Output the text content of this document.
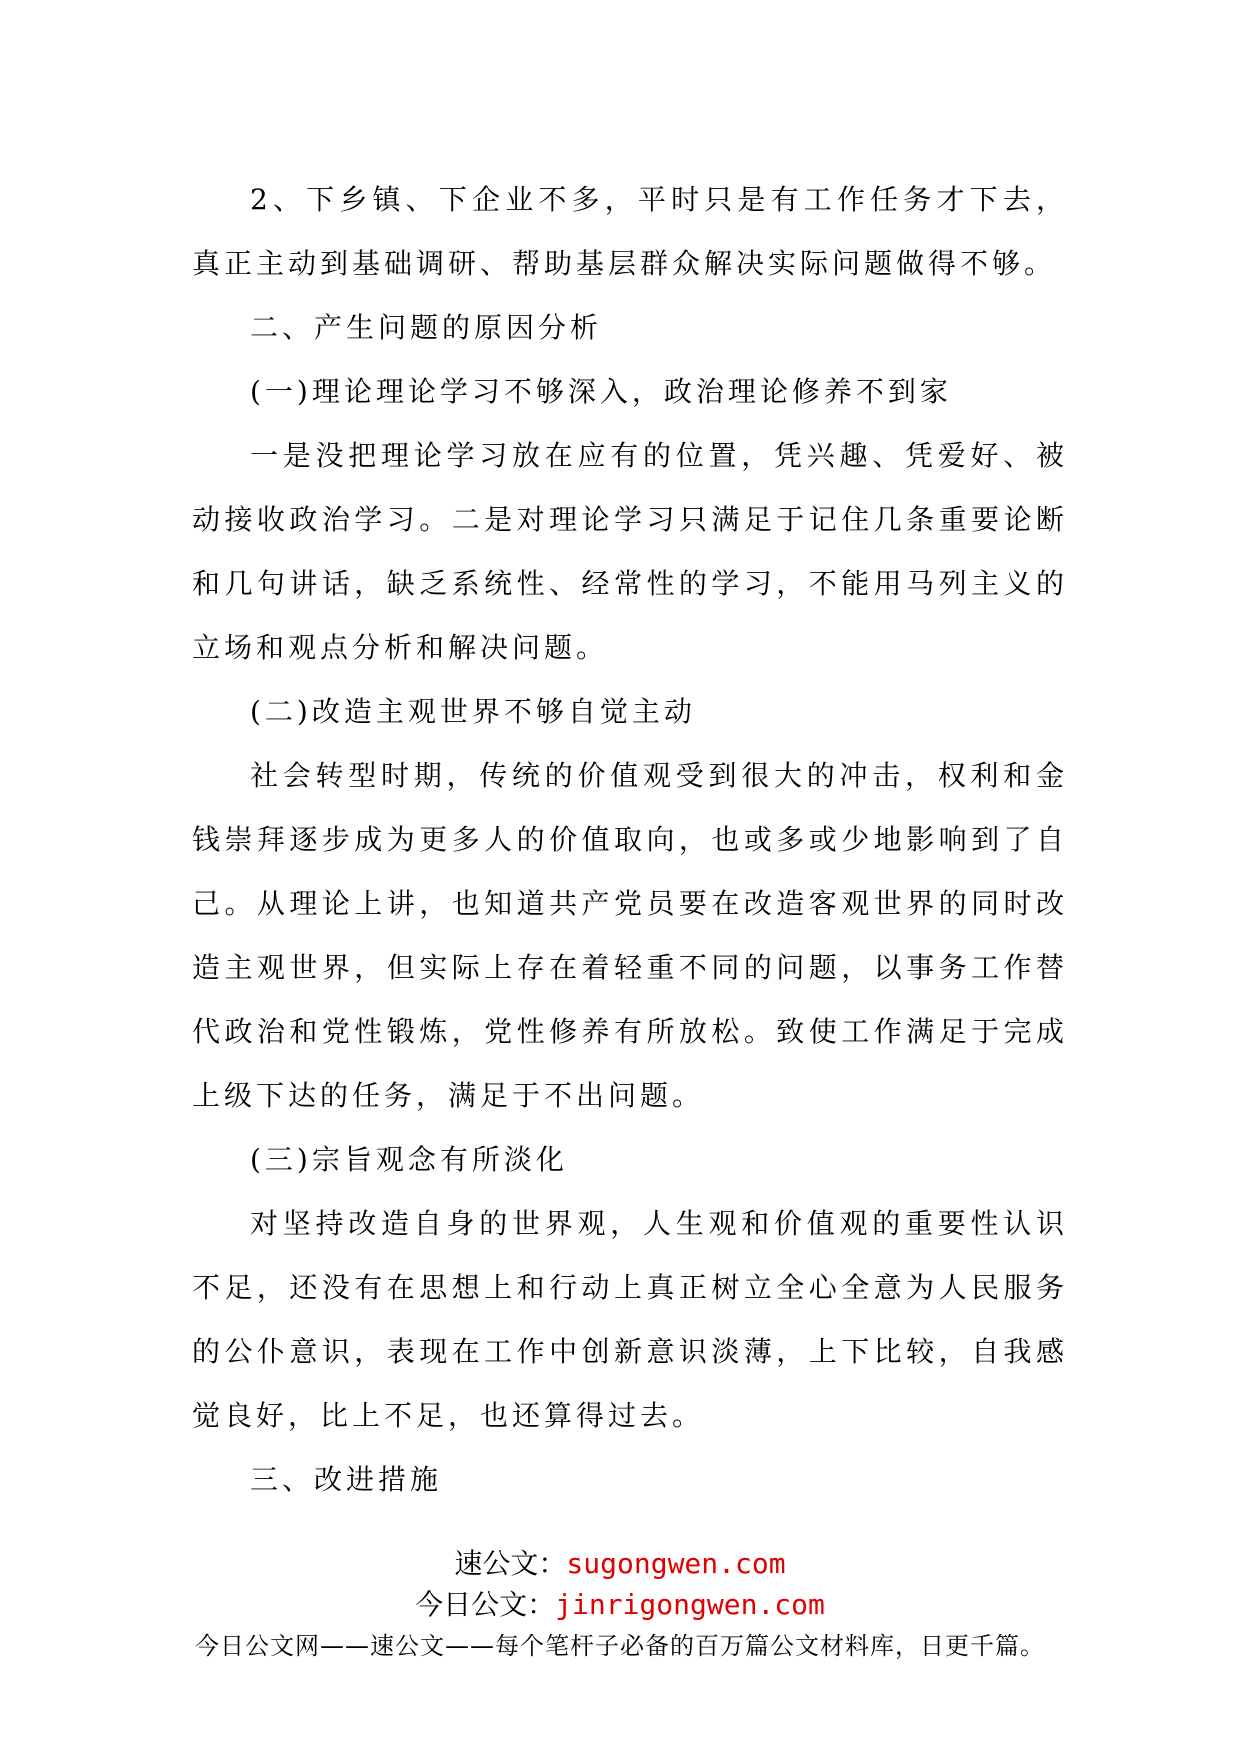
2、下乡镇、下企业不多，平时只是有工作任务才下去，真正主动到基础调研、帮助基层群众解决实际问题做得不够。

二、产生问题的原因分析

(一)理论理论学习不够深入，政治理论修养不到家

一是没把理论学习放在应有的位置，凭兴趣、凭爱好、被动接收政治学习。二是对理论学习只满足于记住几条重要论断和几句讲话，缺乏系统性、经常性的学习，不能用马列主义的立场和观点分析和解决问题。

(二)改造主观世界不够自觉主动

社会转型时期，传统的价值观受到很大的冲击，权利和金钱崇拜逐步成为更多人的价值取向，也或多或少地影响到了自己。从理论上讲，也知道共产党员要在改造客观世界的同时改造主观世界，但实际上存在着轻重不同的问题，以事务工作替代政治和党性锻炼，党性修养有所放松。致使工作满足于完成上级下达的任务，满足于不出问题。

(三)宗旨观念有所淡化

对坚持改造自身的世界观，人生观和价值观的重要性认识不足，还没有在思想上和行动上真正树立全心全意为人民服务的公仆意识，表现在工作中创新意识淡薄，上下比较，自我感觉良好，比上不足，也还算得过去。

三、改进措施

速公文：sugongwen.com
今日公文：jinrigongwen.com
今日公文网——速公文——每个笔杆子必备的百万篇公文材料库，日更千篇。
